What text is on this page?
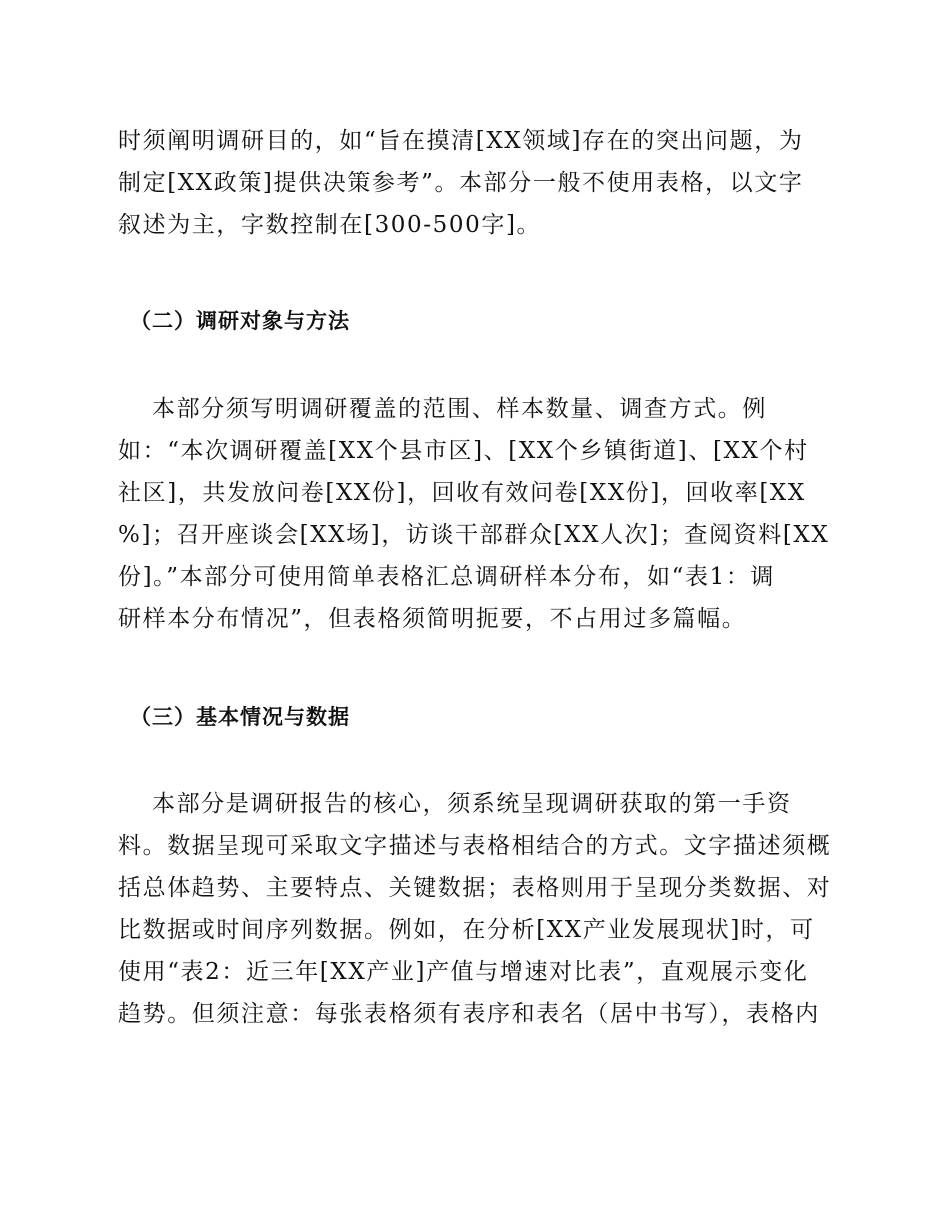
时须阐明调研目的，如“旨在摸清[XX领域]存在的突出问题，为
制定[XX政策]提供决策参考”。本部分一般不使用表格，以文字
叙述为主，字数控制在[300-500字]。
（二）调研对象与方法
本部分须写明调研覆盖的范围、样本数量、调查方式。例
如：“本次调研覆盖[XX个县市区]、[XX个乡镇街道]、[XX个村
社区]，共发放问卷[XX份]，回收有效问卷[XX份]，回收率[XX
%]；召开座谈会[XX场]，访谈干部群众[XX人次]；查阅资料[XX
份]。”本部分可使用简单表格汇总调研样本分布，如“表1：调
研样本分布情况”，但表格须简明扼要，不占用过多篇幅。
（三）基本情况与数据
本部分是调研报告的核心，须系统呈现调研获取的第一手资
料。数据呈现可采取文字描述与表格相结合的方式。文字描述须概
括总体趋势、主要特点、关键数据；表格则用于呈现分类数据、对
比数据或时间序列数据。例如，在分析[XX产业发展现状]时，可
使用“表2：近三年[XX产业]产值与增速对比表”，直观展示变化
趋势。但须注意：每张表格须有表序和表名（居中书写），表格内
